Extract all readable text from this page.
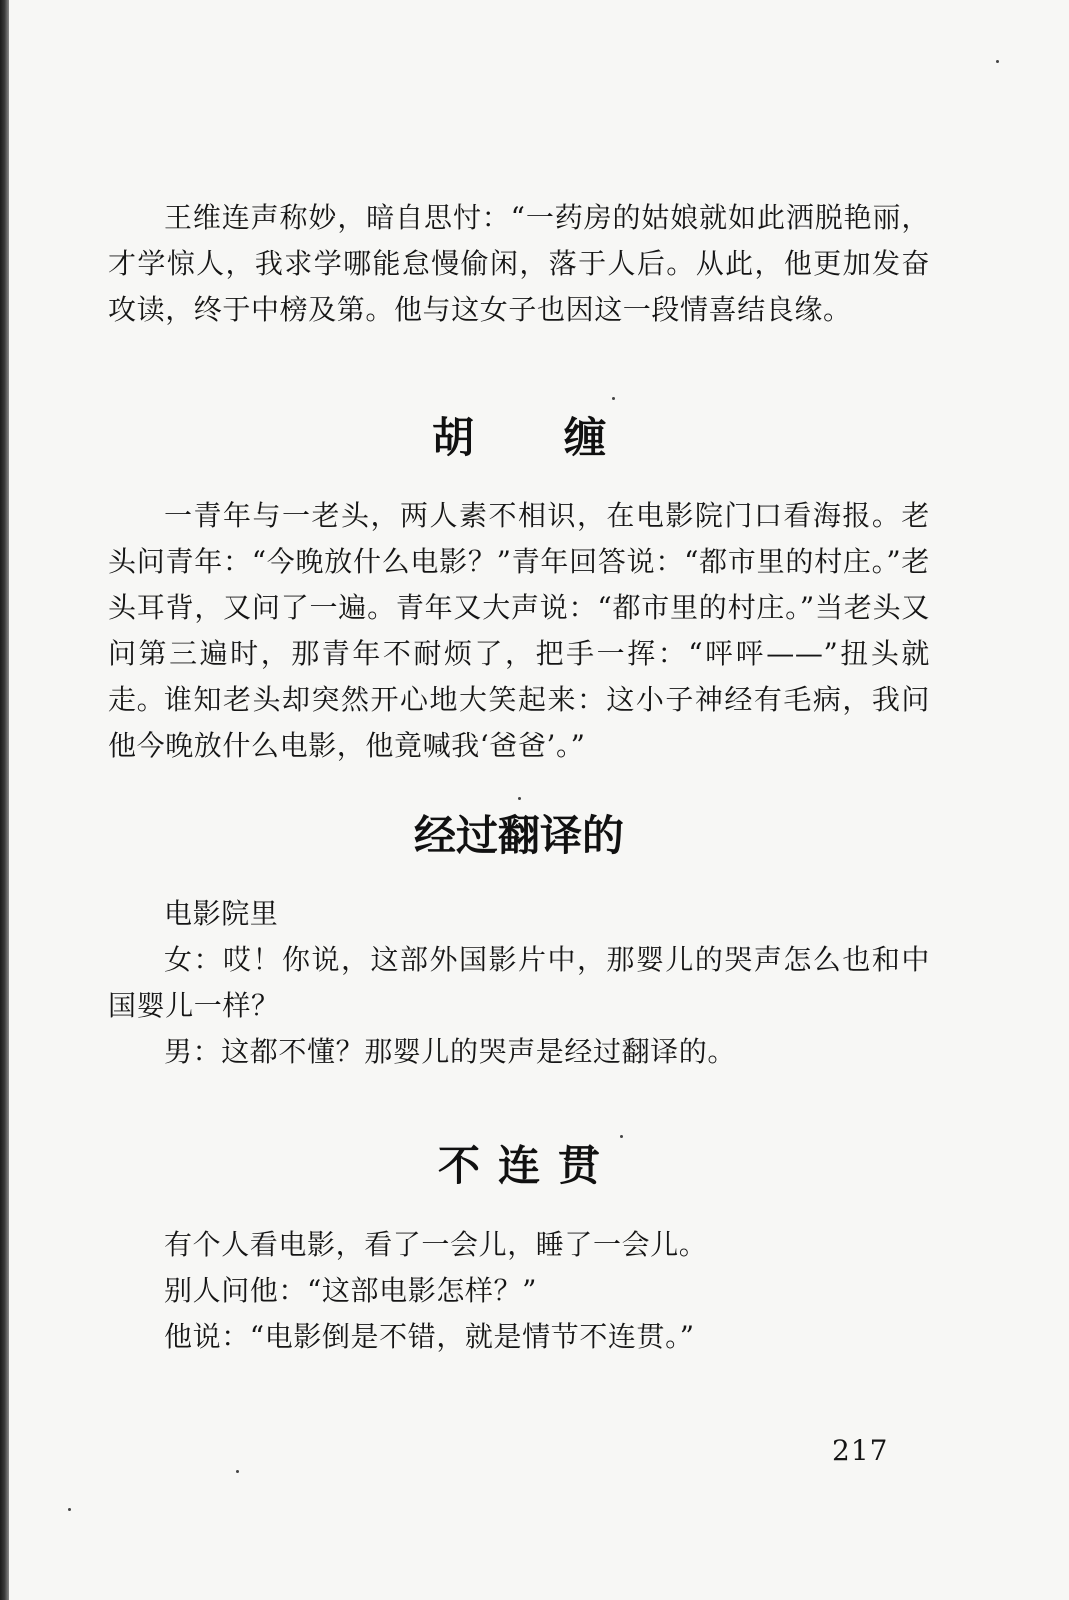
王维连声称妙，暗自思忖：“一药房的姑娘就如此洒脱艳丽，才学惊人，我求学哪能怠慢偷闲，落于人后。从此，他更加发奋攻读，终于中榜及第。他与这女子也因这一段情喜结良缘。

胡缠

一青年与一老头，两人素不相识，在电影院门口看海报。老头问青年：“今晚放什么电影？”青年回答说：“都市里的村庄。”老头耳背，又问了一遍。青年又大声说：“都市里的村庄。”当老头又问第三遍时，那青年不耐烦了，把手一挥：“呯呯——”扭头就走。

谁知老头却突然开心地大笑起来：这小子神经有毛病，我问他今晚放什么电影，他竟喊我‘爸爸’。”

经过翻译的

电影院里

女：哎！你说，这部外国影片中，那婴儿的哭声怎么也和中国婴儿一样？

男：这都不懂？那婴儿的哭声是经过翻译的。

不连贯

有个人看电影，看了一会儿，睡了一会儿。

别人问他：“这部电影怎样？”

他说：“电影倒是不错，就是情节不连贯。”

217
